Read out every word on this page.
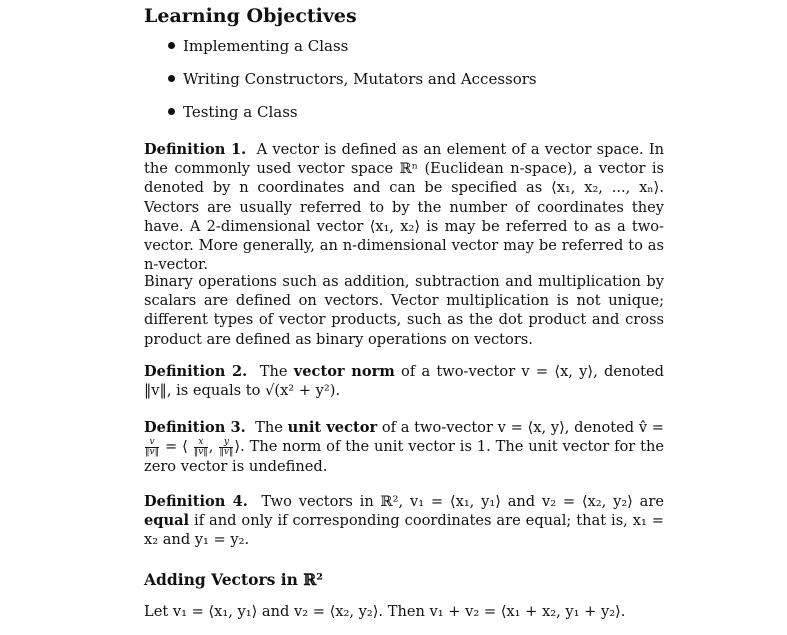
Learning Objectives
Implementing a Class
Writing Constructors, Mutators and Accessors
Testing a Class
Definition 1. A vector is defined as an element of a vector space. In the commonly used vector space ℝⁿ (Euclidean n-space), a vector is denoted by n coordinates and can be specified as ⟨x₁, x₂, ..., xₙ⟩. Vectors are usually referred to by the number of coordinates they have. A 2-dimensional vector ⟨x₁, x₂⟩ is may be referred to as a two-vector. More generally, an n-dimensional vector may be referred to as n-vector.
Binary operations such as addition, subtraction and multiplication by scalars are defined on vectors. Vector multiplication is not unique; different types of vector products, such as the dot product and cross product are defined as binary operations on vectors.
Definition 2. The vector norm of a two-vector v = ⟨x, y⟩, denoted ‖v‖, is equals to √(x² + y²).
Definition 3. The unit vector of a two-vector v = ⟨x, y⟩, denoted v̂ =
$\frac{v}{‖v‖}$ = ⟨ $\frac{x}{‖v‖}$ , $\frac{y}{‖v‖}$ ⟩. The norm of the unit vector is 1. The unit vector for the zero vector is undefined.
Definition 4. Two vectors in ℝ², v₁ = ⟨x₁, y₁⟩ and v₂ = ⟨x₂, y₂⟩ are equal if and only if corresponding coordinates are equal; that is, x₁ = x₂ and y₁ = y₂.
Adding Vectors in ℝ²
Let v₁ = ⟨x₁, y₁⟩ and v₂ = ⟨x₂, y₂⟩. Then v₁ + v₂ = ⟨x₁ + x₂, y₁ + y₂⟩.
